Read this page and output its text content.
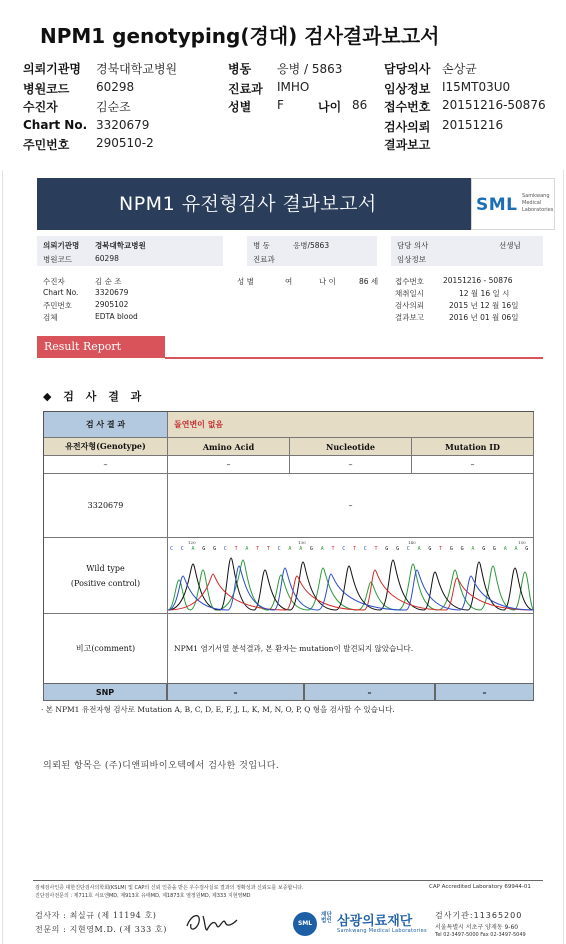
NPM1 genotyping(경대) 검사결과보고서
의뢰기관명 경북대학교병원
병원코드 60298
수진자	김순조
Chart No. 3320679
주민번호 290510-2
병동 응병 / 5863
진료과 IMHO
성별 F	나이 86
담당의사 손상균
임상정보 I15MT03U0
접수번호 20151216-50876
검사의뢰 20151216
결과보고
NPM1 유전형검사 결과보고서	SML Samkwang Medical Laboratories
의뢰기관명 경북대학교병원
병원코드	60298
병 동	응병/5863
진료과
담당 의사	선생님
임상정보
수진자	김 순 조
Chart No. 3320679
주민번호	2905102
검체	EDTA blood
성 별	여	나 이	86 세 접수번호	20151216 - 50876
채취일시	12 월 16 일 시
검사의뢰	2015 년 12 월 16일
결과보고	2016 년 01 월 06일
Result Report
◆ 검 사 결 과
검 사 결 과	돌연변이 없음
유전자형(Genotype)	Amino Acid	Nucleotide	Mutation ID
–	–	–	–
3320679	–
Wild type
(Positive control)
C C A G G C T A T T C A A G A T C T C T G G C A G T G G A G G A A G
120	130	140	150
비고(comment)	NPM1 염기서열 분석결과, 본 환자는 mutation이 발견되지 않았습니다.
SNP	–	–	–
· 본 NPM1 유전자형 검사로 Mutation A, B, C, D, E, F, J, L, K, M, N, O, P, Q 형을 검사할 수 있습니다.
의뢰된 항목은 (주)디앤피바이오텍에서 검사한 것입니다.
검체검사인증 대한진단검사의학회(KSLM) 및 CAP의 신뢰 인증을 받은 우수검사실로 결과의 정확성과 신뢰도를 보증합니다.
진단검사전문의 : 제711호 서요엔MD, 제913호 유태MD, 제1873호 염정원MD, 제333 지현영MD
CAP Accredited Laboratory 69944-01
검사자 : 최실규 (제 11194 호)
전문의 : 지현영M.D. (제 333 호)
SML
재단법인 삼광의료재단
Samkwang Medical Laboratories
검사기관:11365200
서울특별시 서초구 양재동 9-60
Tel 02-3497-5000 Fax 02-3497-5049
